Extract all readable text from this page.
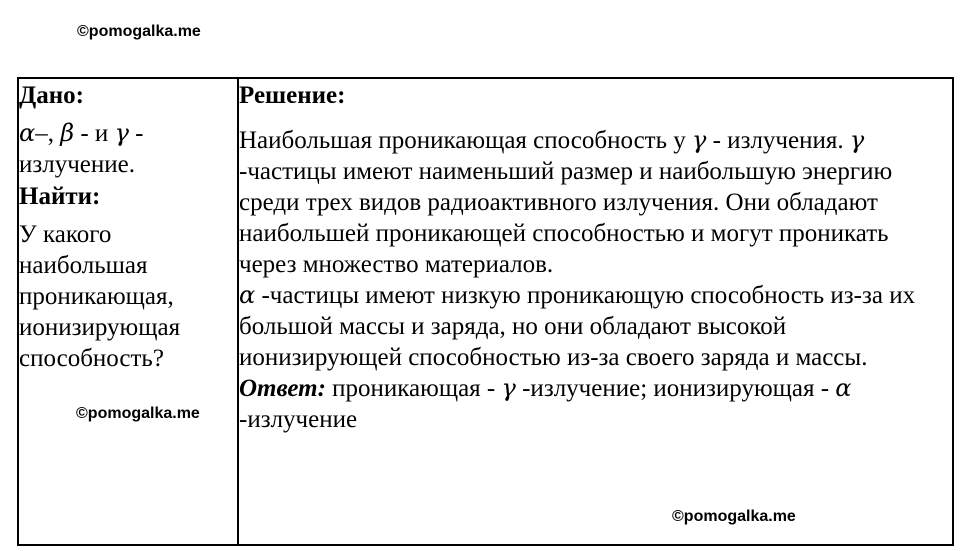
©pomogalka.me

Дано:

α–, β - и γ -
излучение.

Найти:

У какого наибольшая проникающая, ионизирующая способность?

Решение:

Наибольшая проникающая способность у γ - излучения. γ -частицы имеют наименьший размер и наибольшую энергию среди трех видов радиоактивного излучения. Они обладают наибольшей проникающей способностью и могут проникать через множество материалов.

α -частицы имеют низкую проникающую способность из-за их большой массы и заряда, но они обладают высокой ионизирующей способностью из-за своего заряда и массы.

Ответ: проникающая - γ -излучение; ионизирующая - α -излучение

©pomogalka.me
©pomogalka.me
